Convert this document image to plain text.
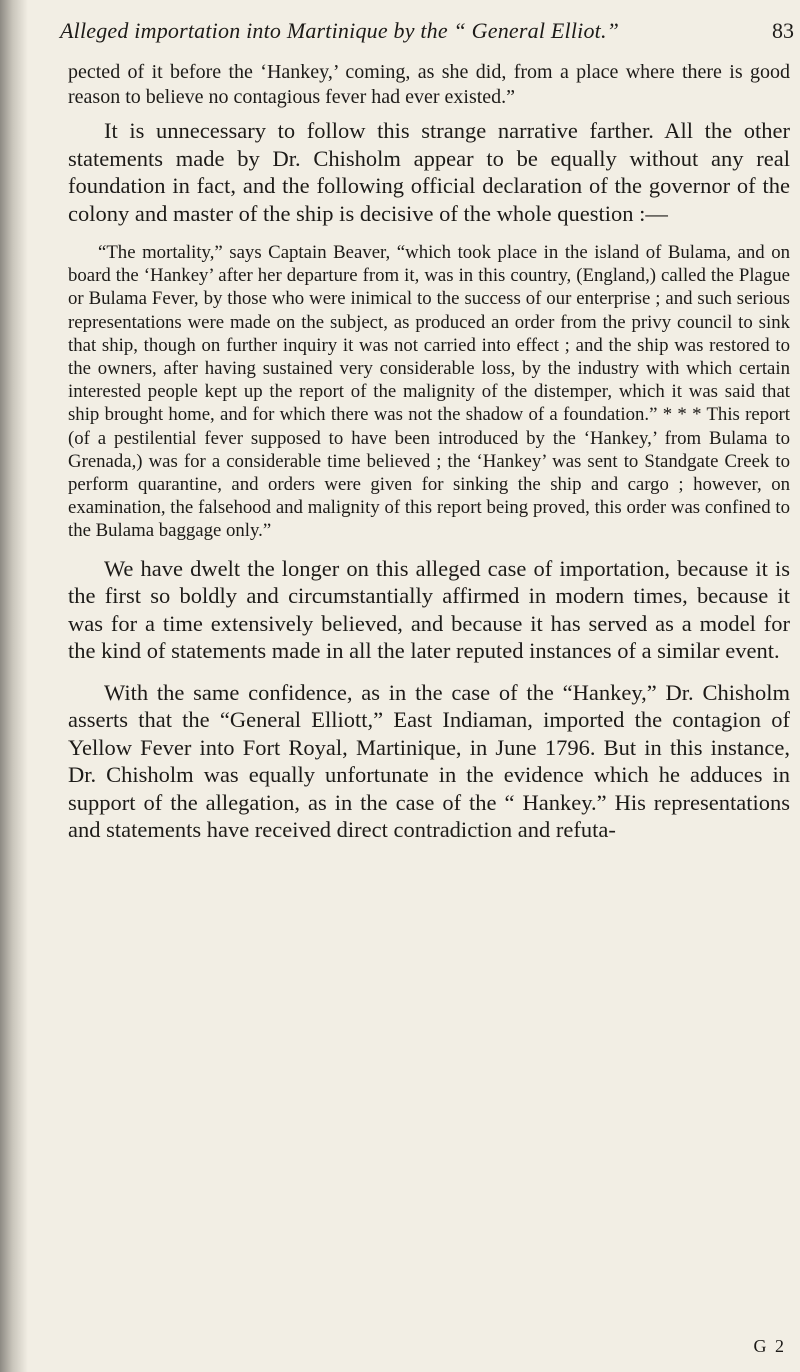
Alleged importation into Martinique by the “ General Elliot.”	83

pected of it before the ‘Hankey,’ coming, as she did, from a place where there is good reason to believe no contagious fever had ever existed.”

It is unnecessary to follow this strange narrative farther. All the other statements made by Dr. Chisholm appear to be equally without any real foundation in fact, and the following official declaration of the governor of the colony and master of the ship is decisive of the whole question :—

“The mortality,” says Captain Beaver, “which took place in the island of Bulama, and on board the ‘Hankey’ after her departure from it, was in this country, (England,) called the Plague or Bulama Fever, by those who were inimical to the success of our enterprise ; and such serious representations were made on the subject, as produced an order from the privy council to sink that ship, though on further inquiry it was not carried into effect ; and the ship was restored to the owners, after having sustained very considerable loss, by the industry with which certain interested people kept up the report of the malignity of the distemper, which it was said that ship brought home, and for which there was not the shadow of a foundation.” * * * This report (of a pestilential fever supposed to have been introduced by the ‘Hankey,’ from Bulama to Grenada,) was for a considerable time believed ; the ‘Hankey’ was sent to Standgate Creek to perform quarantine, and orders were given for sinking the ship and cargo ; however, on examination, the falsehood and malignity of this report being proved, this order was confined to the Bulama baggage only.”

We have dwelt the longer on this alleged case of importation, because it is the first so boldly and circumstantially affirmed in modern times, because it was for a time extensively believed, and because it has served as a model for the kind of statements made in all the later reputed instances of a similar event.

With the same confidence, as in the case of the “Hankey,” Dr. Chisholm asserts that the “General Elliott,” East Indiaman, imported the contagion of Yellow Fever into Fort Royal, Martinique, in June 1796. But in this instance, Dr. Chisholm was equally unfortunate in the evidence which he adduces in support of the allegation, as in the case of the “ Hankey.” His representations and statements have received direct contradiction and refuta-

G 2
